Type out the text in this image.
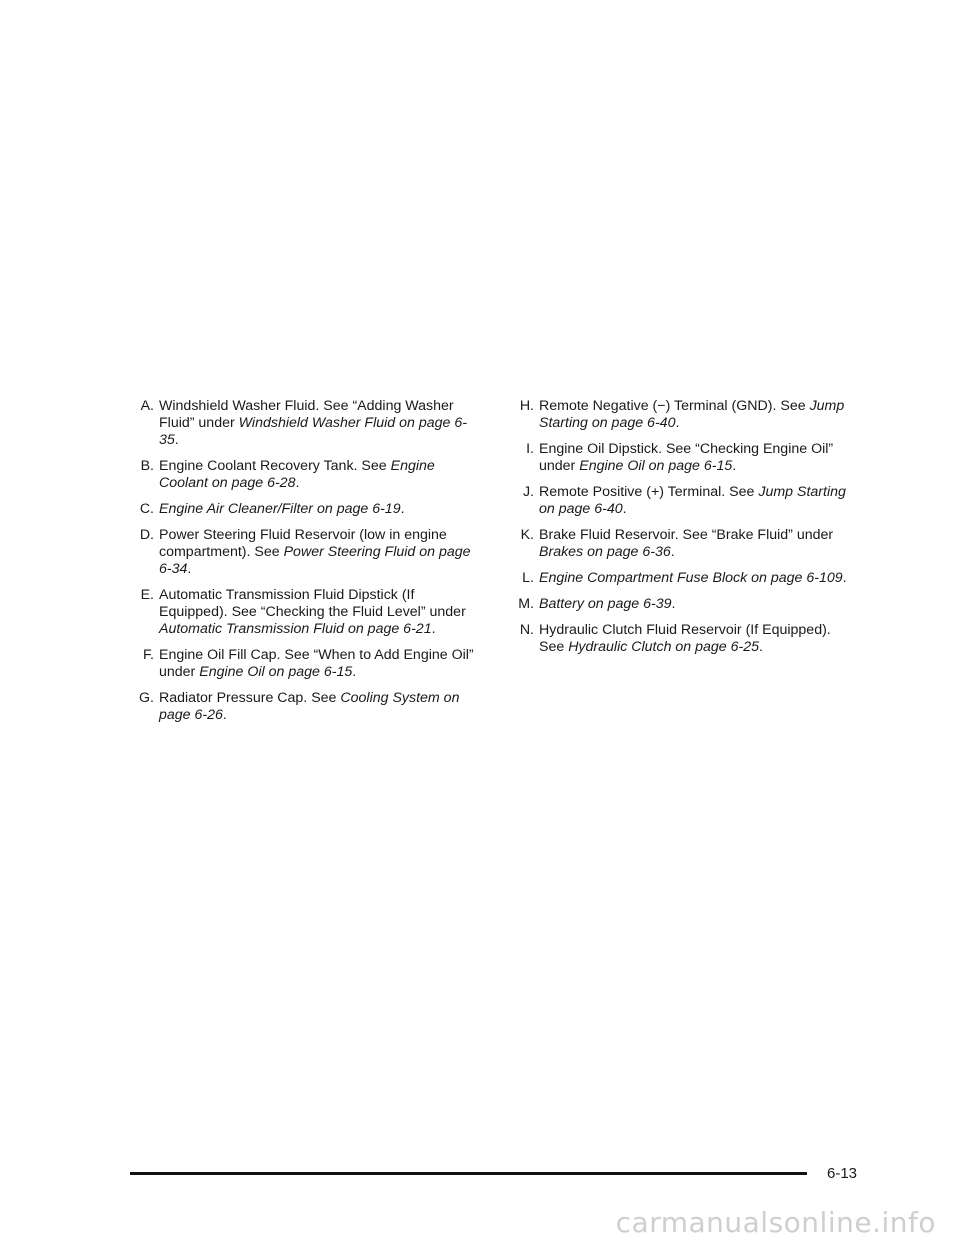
A. Windshield Washer Fluid. See “Adding Washer Fluid” under Windshield Washer Fluid on page 6-35.
B. Engine Coolant Recovery Tank. See Engine Coolant on page 6-28.
C. Engine Air Cleaner/Filter on page 6-19.
D. Power Steering Fluid Reservoir (low in engine compartment). See Power Steering Fluid on page 6-34.
E. Automatic Transmission Fluid Dipstick (If Equipped). See “Checking the Fluid Level” under Automatic Transmission Fluid on page 6-21.
F. Engine Oil Fill Cap. See “When to Add Engine Oil” under Engine Oil on page 6-15.
G. Radiator Pressure Cap. See Cooling System on page 6-26.
H. Remote Negative (−) Terminal (GND). See Jump Starting on page 6-40.
I. Engine Oil Dipstick. See “Checking Engine Oil” under Engine Oil on page 6-15.
J. Remote Positive (+) Terminal. See Jump Starting on page 6-40.
K. Brake Fluid Reservoir. See “Brake Fluid” under Brakes on page 6-36.
L. Engine Compartment Fuse Block on page 6-109.
M. Battery on page 6-39.
N. Hydraulic Clutch Fluid Reservoir (If Equipped). See Hydraulic Clutch on page 6-25.
6-13
carmanualsonline.info
